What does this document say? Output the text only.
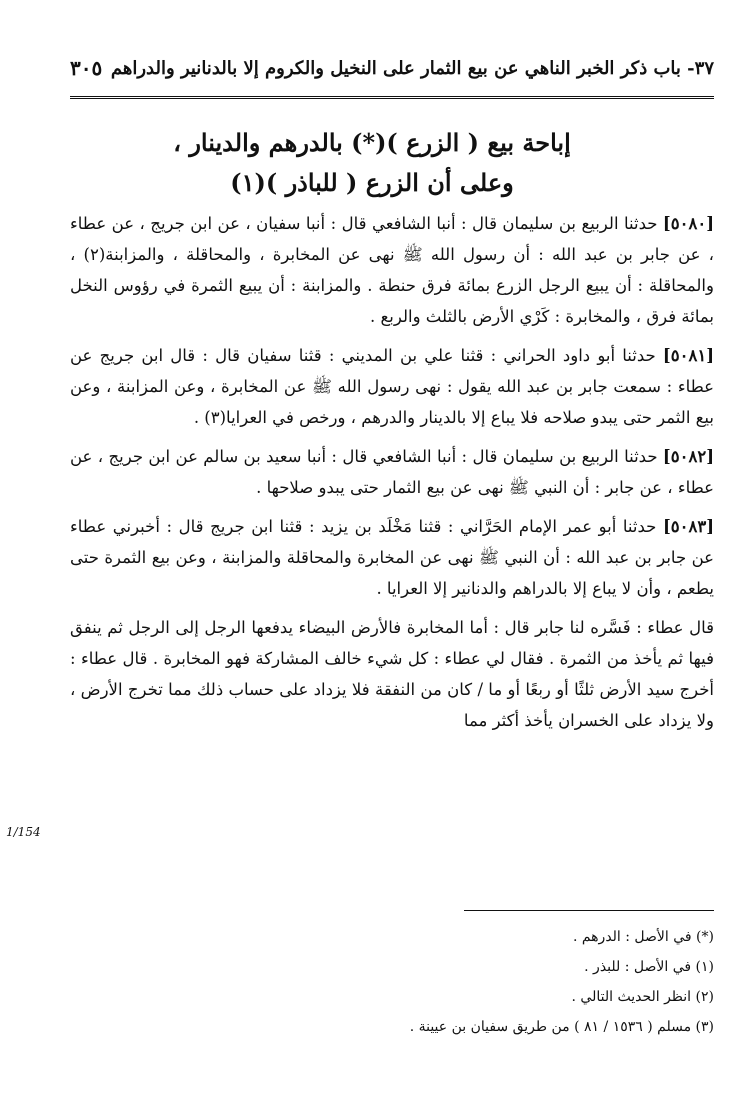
٣٧- باب ذكر الخبر الناهي عن بيع الثمار على النخيل والكروم إلا بالدنانير والدراهم
٣٠٥
إباحة بيع ( الزرع )(*) بالدرهم والدينار ،
وعلى أن الزرع ( للباذر )(١)

[٥٠٨٠] حدثنا الربيع بن سليمان قال : أنبا الشافعي قال : أنبا سفيان ، عن ابن جريج ، عن عطاء ، عن جابر بن عبد الله : أن رسول الله ﷺ نهى عن المخابرة ، والمحاقلة ، والمزابنة(٢) ، والمحاقلة : أن يبيع الرجل الزرع بمائة فرق حنطة . والمزابنة : أن يبيع الثمرة في رؤوس النخل بمائة فرق ، والمخابرة : كَرْي الأرض بالثلث والربع .

[٥٠٨١] حدثنا أبو داود الحراني : قثنا علي بن المديني : قثنا سفيان قال : قال ابن جريج عن عطاء : سمعت جابر بن عبد الله يقول : نهى رسول الله ﷺ عن المخابرة ، وعن المزابنة ، وعن بيع الثمر حتى يبدو صلاحه فلا يباع إلا بالدينار والدرهم ، ورخص في العرايا(٣) .

[٥٠٨٢] حدثنا الربيع بن سليمان قال : أنبا الشافعي قال : أنبا سعيد بن سالم عن ابن جريج ، عن عطاء ، عن جابر : أن النبي ﷺ نهى عن بيع الثمار حتى يبدو صلاحها .

[٥٠٨٣] حدثنا أبو عمر الإمام الحَرَّاني : قثنا مَخْلَد بن يزيد : قثنا ابن جريج قال : أخبرني عطاء عن جابر بن عبد الله : أن النبي ﷺ نهى عن المخابرة والمحاقلة والمزابنة ، وعن بيع الثمرة حتى يطعم ، وأن لا يباع إلا بالدراهم والدنانير إلا العرايا .

قال عطاء : فَسَّره لنا جابر قال : أما المخابرة فالأرض البيضاء يدفعها الرجل إلى الرجل ثم ينفق فيها ثم يأخذ من الثمرة . فقال لي عطاء : كل شيء خالف المشاركة فهو المخابرة . قال عطاء : أخرج سيد الأرض ثلثًا أو ربعًا أو ما / كان من النفقة فلا يزداد على حساب ذلك مما تخرج الأرض ، ولا يزداد على الخسران يأخذ أكثر مما

1/154

(*) في الأصل : الدرهم .

(١) في الأصل : للبذر .

(٢) انظر الحديث التالي .

(٣) مسلم ( ١٥٣٦ / ٨١ ) من طريق سفيان بن عيينة .
